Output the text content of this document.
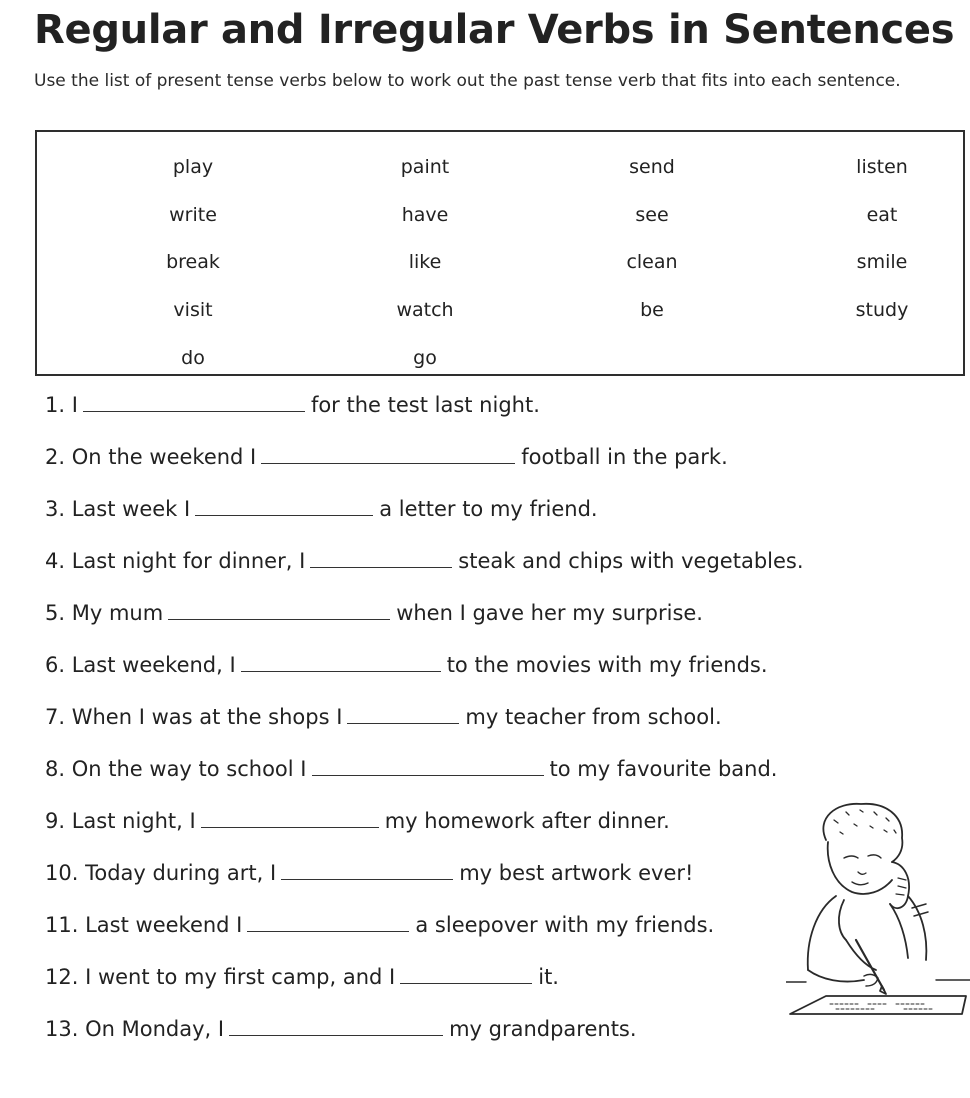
Regular and Irregular Verbs in Sentences
Use the list of present tense verbs below to work out the past tense verb that fits into each sentence.
play	paint	send	listen
write	have	see	eat
break	like	clean	smile
visit	watch	be	study
do	go
1. I	for the test last night.
2. On the weekend I	football in the park.
3. Last week I	a letter to my friend.
4. Last night for dinner, I	steak and chips with vegetables.
5. My mum	when I gave her my surprise.
6. Last weekend, I	to the movies with my friends.
7. When I was at the shops I	my teacher from school.
8. On the way to school I	to my favourite band.
9. Last night, I	my homework after dinner.
10. Today during art, I	my best artwork ever!
11. Last weekend I	a sleepover with my friends.
12. I went to my first camp, and I	it.
13. On Monday, I	my grandparents.
